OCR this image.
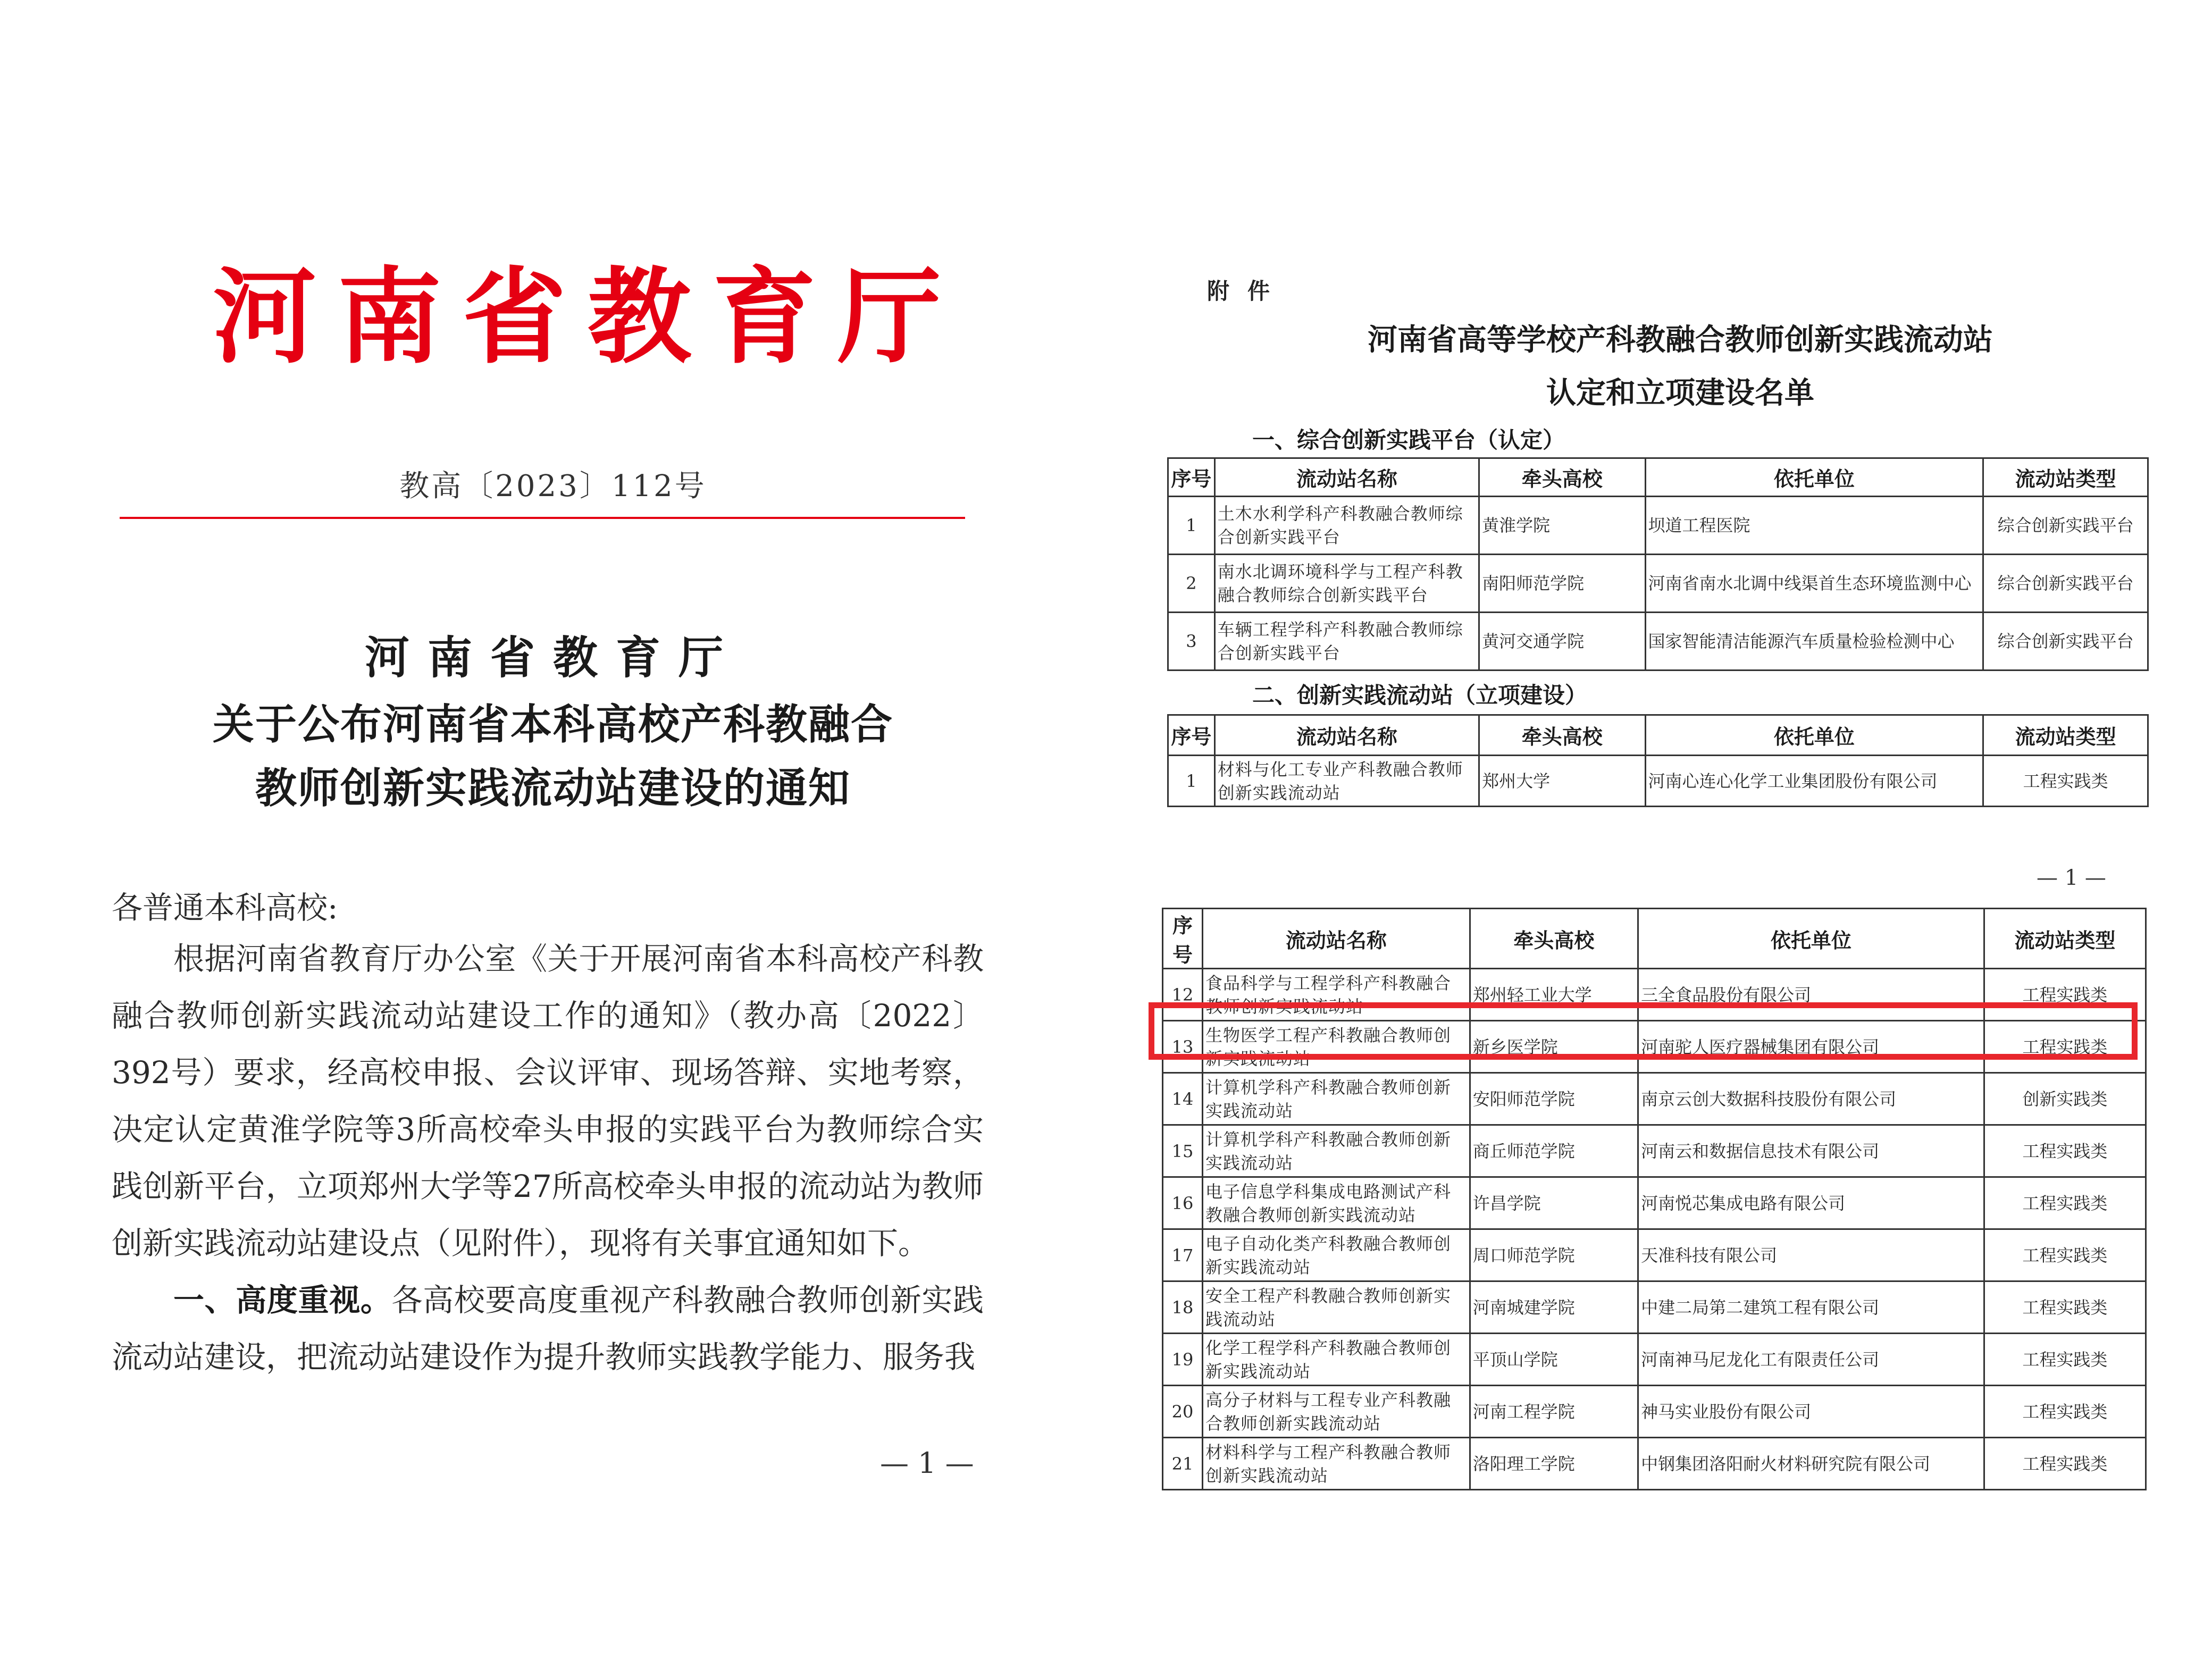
河南省教育厅
教高〔2023〕112号
河南省教育厅
关于公布河南省本科高校产科教融合
教师创新实践流动站建设的通知
各普通本科高校:

根据河南省教育厅办公室《关于开展河南省本科高校产科教融合教师创新实践流动站建设工作的通知》（教办高〔2022〕392号）要求，经高校申报、会议评审、现场答辩、实地考察，决定认定黄淮学院等3所高校牵头申报的实践平台为教师综合实践创新平台，立项郑州大学等27所高校牵头申报的流动站为教师创新实践流动站建设点（见附件），现将有关事宜通知如下。

一、高度重视。各高校要高度重视产科教融合教师创新实践流动站建设，把流动站建设作为提升教师实践教学能力、服务我

— 1 —
附件
河南省高等学校产科教融合教师创新实践流动站
认定和立项建设名单
一、综合创新实践平台（认定）
序号	流动站名称	牵头高校	依托单位	流动站类型
1	土木水利学科产科教融合教师综合创新实践平台	黄淮学院	坝道工程医院	综合创新实践平台
2	南水北调环境科学与工程产科教融合教师综合创新实践平台	南阳师范学院	河南省南水北调中线渠首生态环境监测中心	综合创新实践平台
3	车辆工程学科产科教融合教师综合创新实践平台	黄河交通学院	国家智能清洁能源汽车质量检验检测中心	综合创新实践平台
二、创新实践流动站（立项建设）
序号	流动站名称	牵头高校	依托单位	流动站类型
1	材料与化工专业产科教融合教师创新实践流动站	郑州大学	河南心连心化学工业集团股份有限公司	工程实践类
— 1 —
序号	流动站名称	牵头高校	依托单位	流动站类型
12	食品科学与工程学科产科教融合教师创新实践流动站	郑州轻工业大学	三全食品股份有限公司	工程实践类
13	生物医学工程产科教融合教师创新实践流动站	新乡医学院	河南驼人医疗器械集团有限公司	工程实践类
14	计算机学科产科教融合教师创新实践流动站	安阳师范学院	南京云创大数据科技股份有限公司	创新实践类
15	计算机学科产科教融合教师创新实践流动站	商丘师范学院	河南云和数据信息技术有限公司	工程实践类
16	电子信息学科集成电路测试产科教融合教师创新实践流动站	许昌学院	河南悦芯集成电路有限公司	工程实践类
17	电子自动化类产科教融合教师创新实践流动站	周口师范学院	天准科技有限公司	工程实践类
18	安全工程产科教融合教师创新实践流动站	河南城建学院	中建二局第二建筑工程有限公司	工程实践类
19	化学工程学科产科教融合教师创新实践流动站	平顶山学院	河南神马尼龙化工有限责任公司	工程实践类
20	高分子材料与工程专业产科教融合教师创新实践流动站	河南工程学院	神马实业股份有限公司	工程实践类
21	材料科学与工程产科教融合教师创新实践流动站	洛阳理工学院	中钢集团洛阳耐火材料研究院有限公司	工程实践类
